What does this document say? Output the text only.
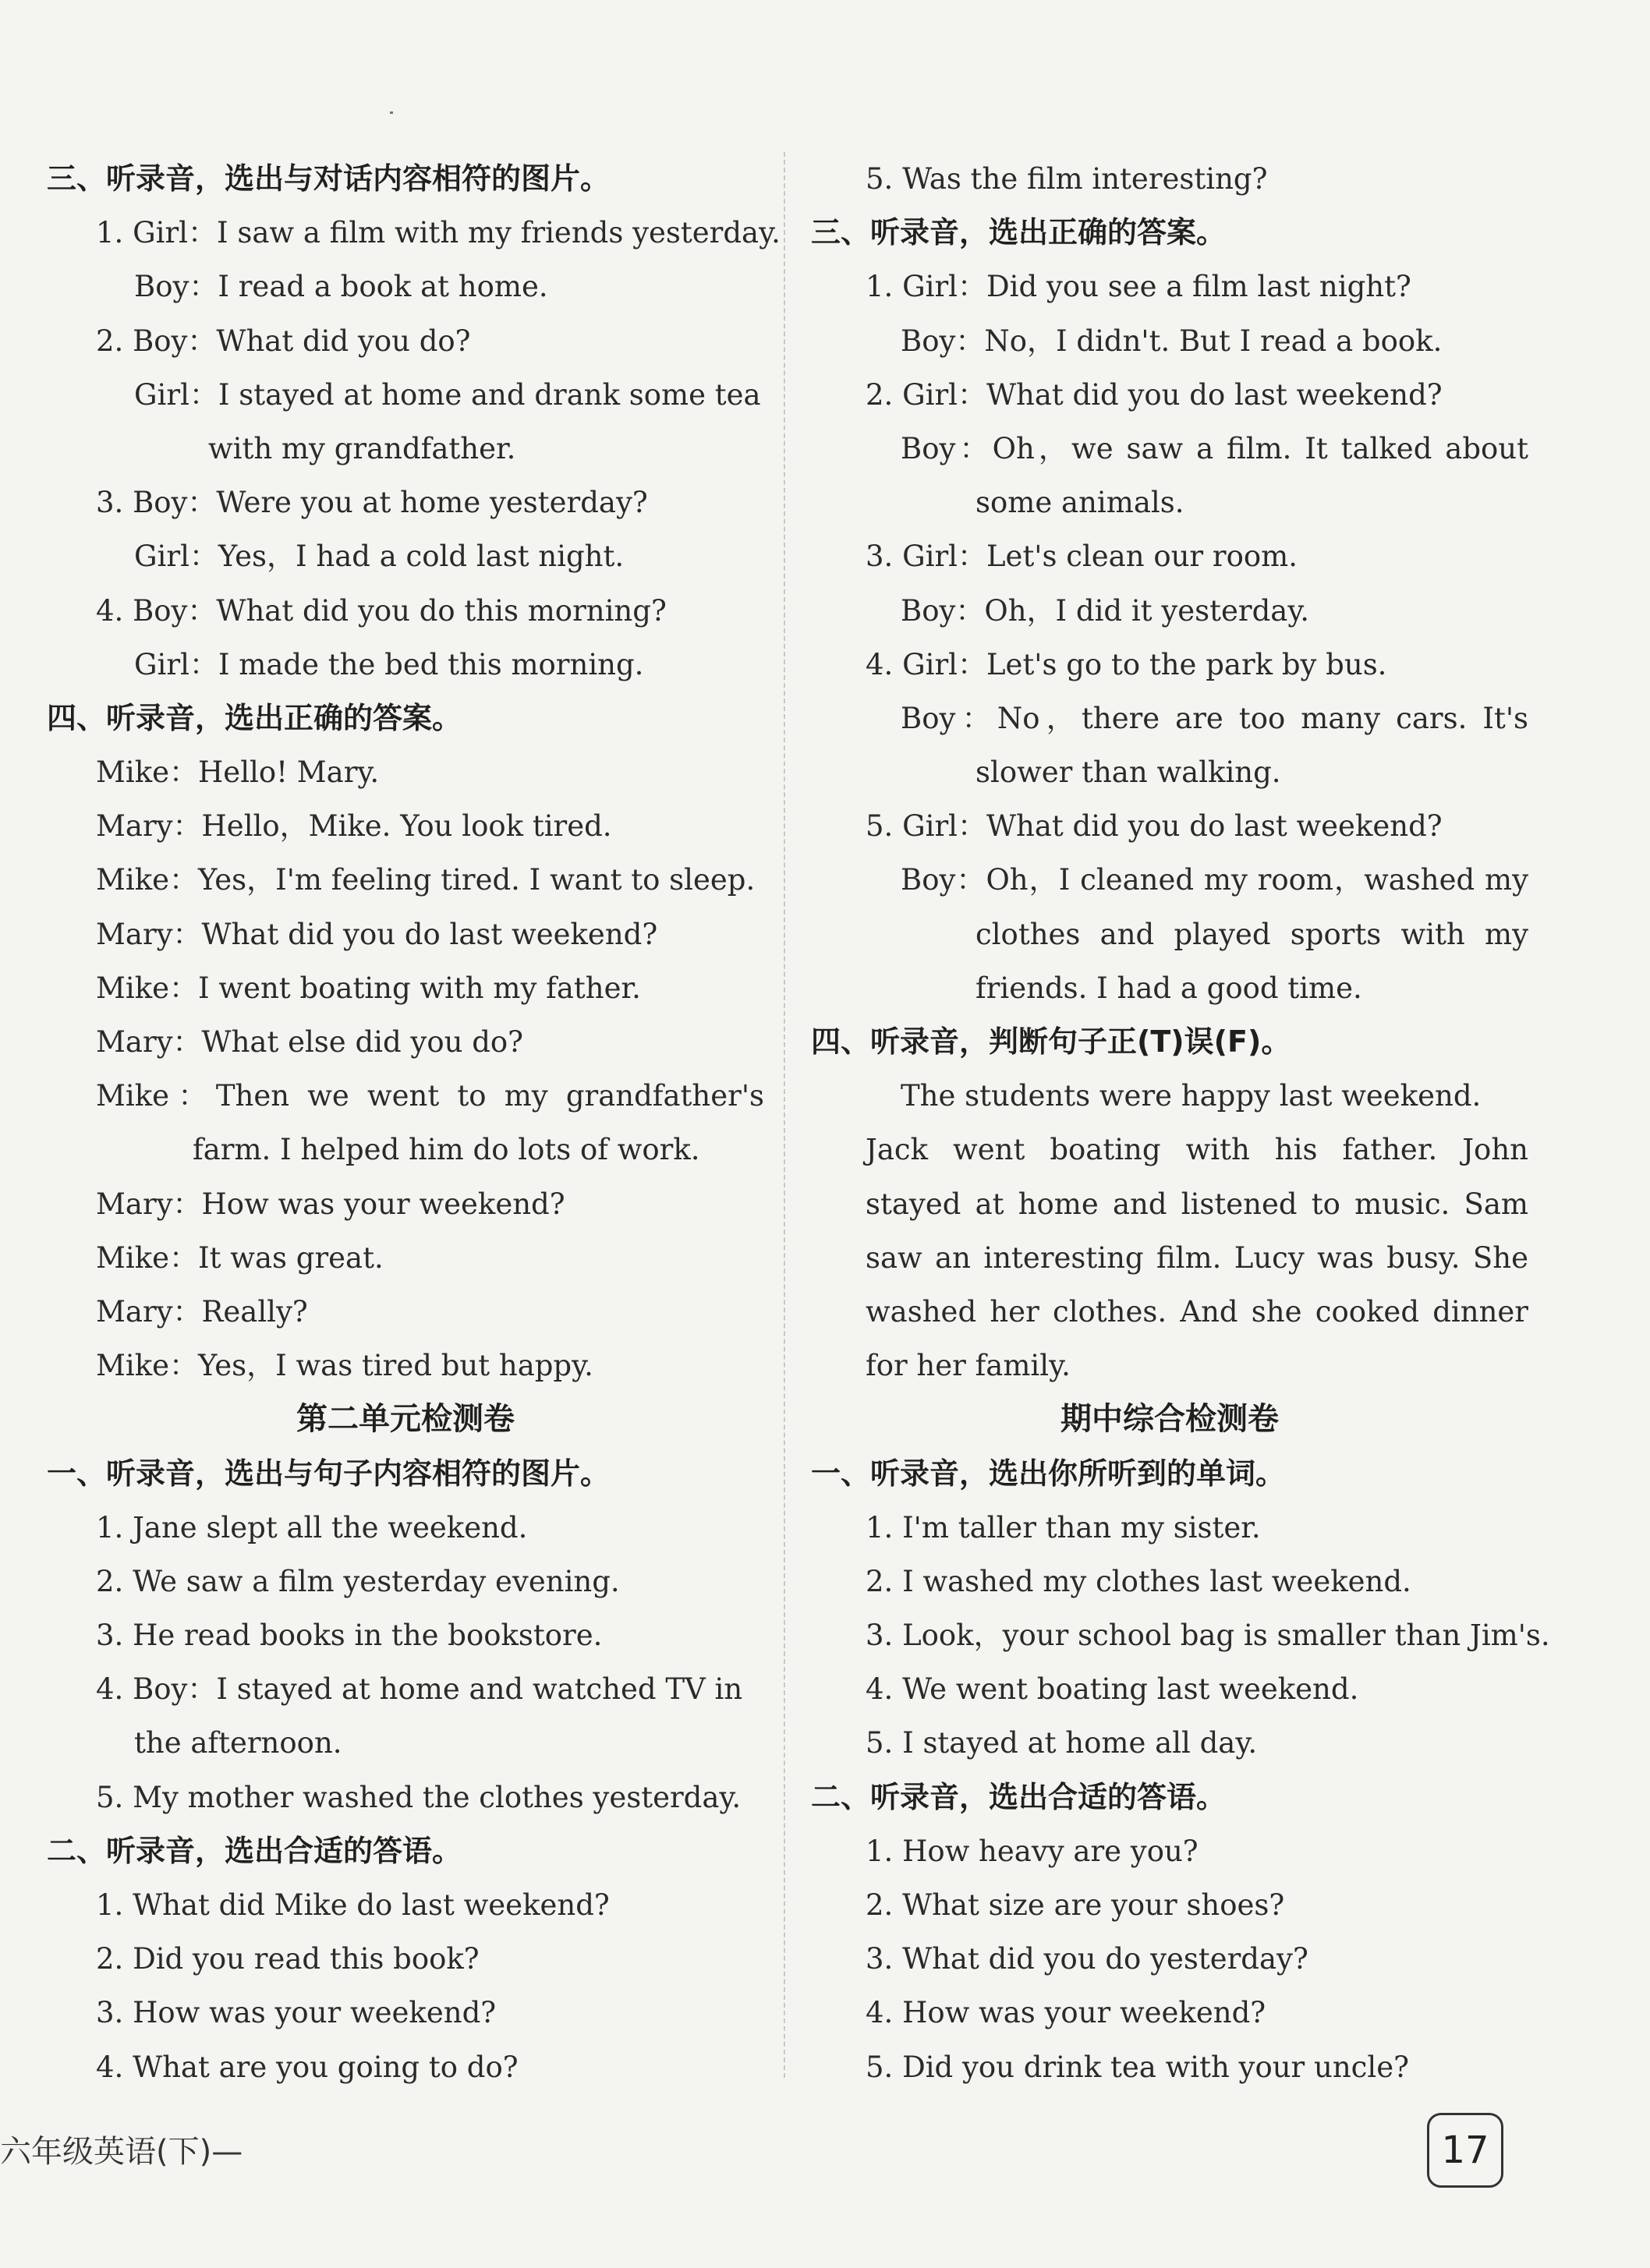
三、听录音，选出与对话内容相符的图片。
1. Girl：I saw a film with my friends yesterday.
Boy：I read a book at home.
2. Boy：What did you do?
Girl：I stayed at home and drank some tea
with my grandfather.
3. Boy：Were you at home yesterday?
Girl：Yes，I had a cold last night.
4. Boy：What did you do this morning?
Girl：I made the bed this morning.
四、听录音，选出正确的答案。
Mike：Hello! Mary.
Mary：Hello，Mike. You look tired.
Mike：Yes，I'm feeling tired. I want to sleep.
Mary：What did you do last weekend?
Mike：I went boating with my father.
Mary：What else did you do?
Mike：Then we went to my grandfather's
farm. I helped him do lots of work.
Mary：How was your weekend?
Mike：It was great.
Mary：Really?
Mike：Yes，I was tired but happy.
第二单元检测卷
一、听录音，选出与句子内容相符的图片。
1. Jane slept all the weekend.
2. We saw a film yesterday evening.
3. He read books in the bookstore.
4. Boy：I stayed at home and watched TV in
the afternoon.
5. My mother washed the clothes yesterday.
二、听录音，选出合适的答语。
1. What did Mike do last weekend?
2. Did you read this book?
3. How was your weekend?
4. What are you going to do?
5. Was the film interesting?
三、听录音，选出正确的答案。
1. Girl：Did you see a film last night?
Boy：No，I didn't. But I read a book.
2. Girl：What did you do last weekend?
Boy：Oh，we saw a film. It talked about
some animals.
3. Girl：Let's clean our room.
Boy：Oh，I did it yesterday.
4. Girl：Let's go to the park by bus.
Boy：No，there are too many cars. It's
slower than walking.
5. Girl：What did you do last weekend?
Boy：Oh，I cleaned my room，washed my
clothes and played sports with my
friends. I had a good time.
四、听录音，判断句子正(T)误(F)。
The students were happy last weekend.
Jack went boating with his father. John
stayed at home and listened to music. Sam
saw an interesting film. Lucy was busy. She
washed her clothes. And she cooked dinner
for her family.
期中综合检测卷
一、听录音，选出你所听到的单词。
1. I'm taller than my sister.
2. I washed my clothes last weekend.
3. Look，your school bag is smaller than Jim's.
4. We went boating last weekend.
5. I stayed at home all day.
二、听录音，选出合适的答语。
1. How heavy are you?
2. What size are your shoes?
3. What did you do yesterday?
4. How was your weekend?
5. Did you drink tea with your uncle?
六年级英语(下)—	17
